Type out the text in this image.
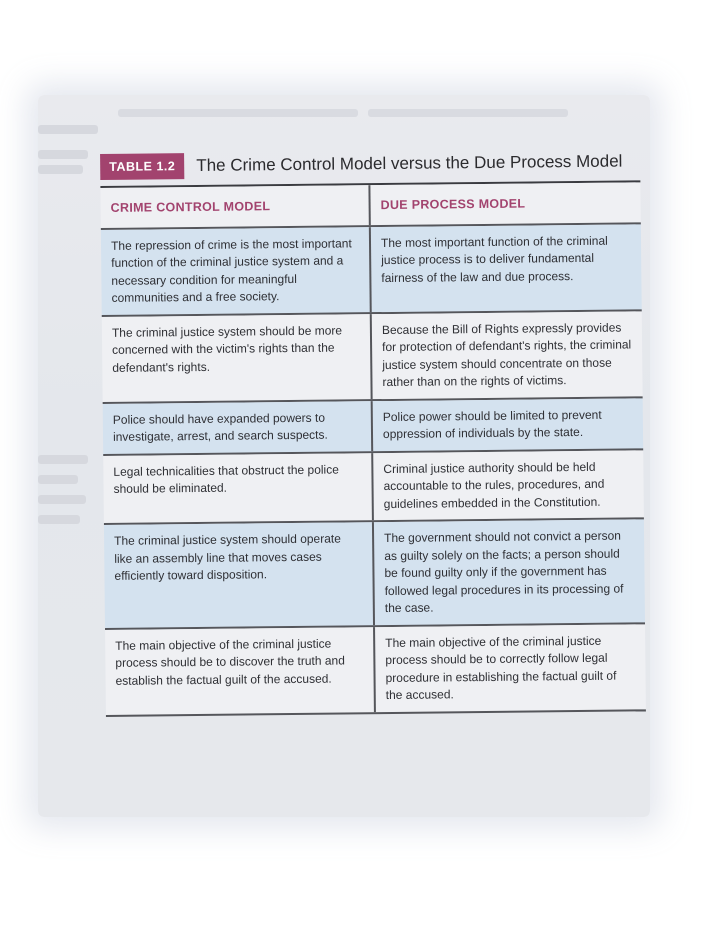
TABLE 1.2	The Crime Control Model versus the Due Process Model
CRIME CONTROL MODEL	DUE PROCESS MODEL
The repression of crime is the most important function of the criminal justice system and a necessary condition for meaningful communities and a free society.
The most important function of the criminal justice process is to deliver fundamental fairness of the law and due process.
The criminal justice system should be more concerned with the victim's rights than the defendant's rights.
Because the Bill of Rights expressly provides for protection of defendant's rights, the criminal justice system should concentrate on those rather than on the rights of victims.
Police should have expanded powers to investigate, arrest, and search suspects.
Police power should be limited to prevent oppression of individuals by the state.
Legal technicalities that obstruct the police should be eliminated.
Criminal justice authority should be held accountable to the rules, procedures, and guidelines embedded in the Constitution.
The criminal justice system should operate like an assembly line that moves cases efficiently toward disposition.
The government should not convict a person as guilty solely on the facts; a person should be found guilty only if the government has followed legal procedures in its processing of the case.
The main objective of the criminal justice process should be to discover the truth and establish the factual guilt of the accused.
The main objective of the criminal justice process should be to correctly follow legal procedure in establishing the factual guilt of the accused.
